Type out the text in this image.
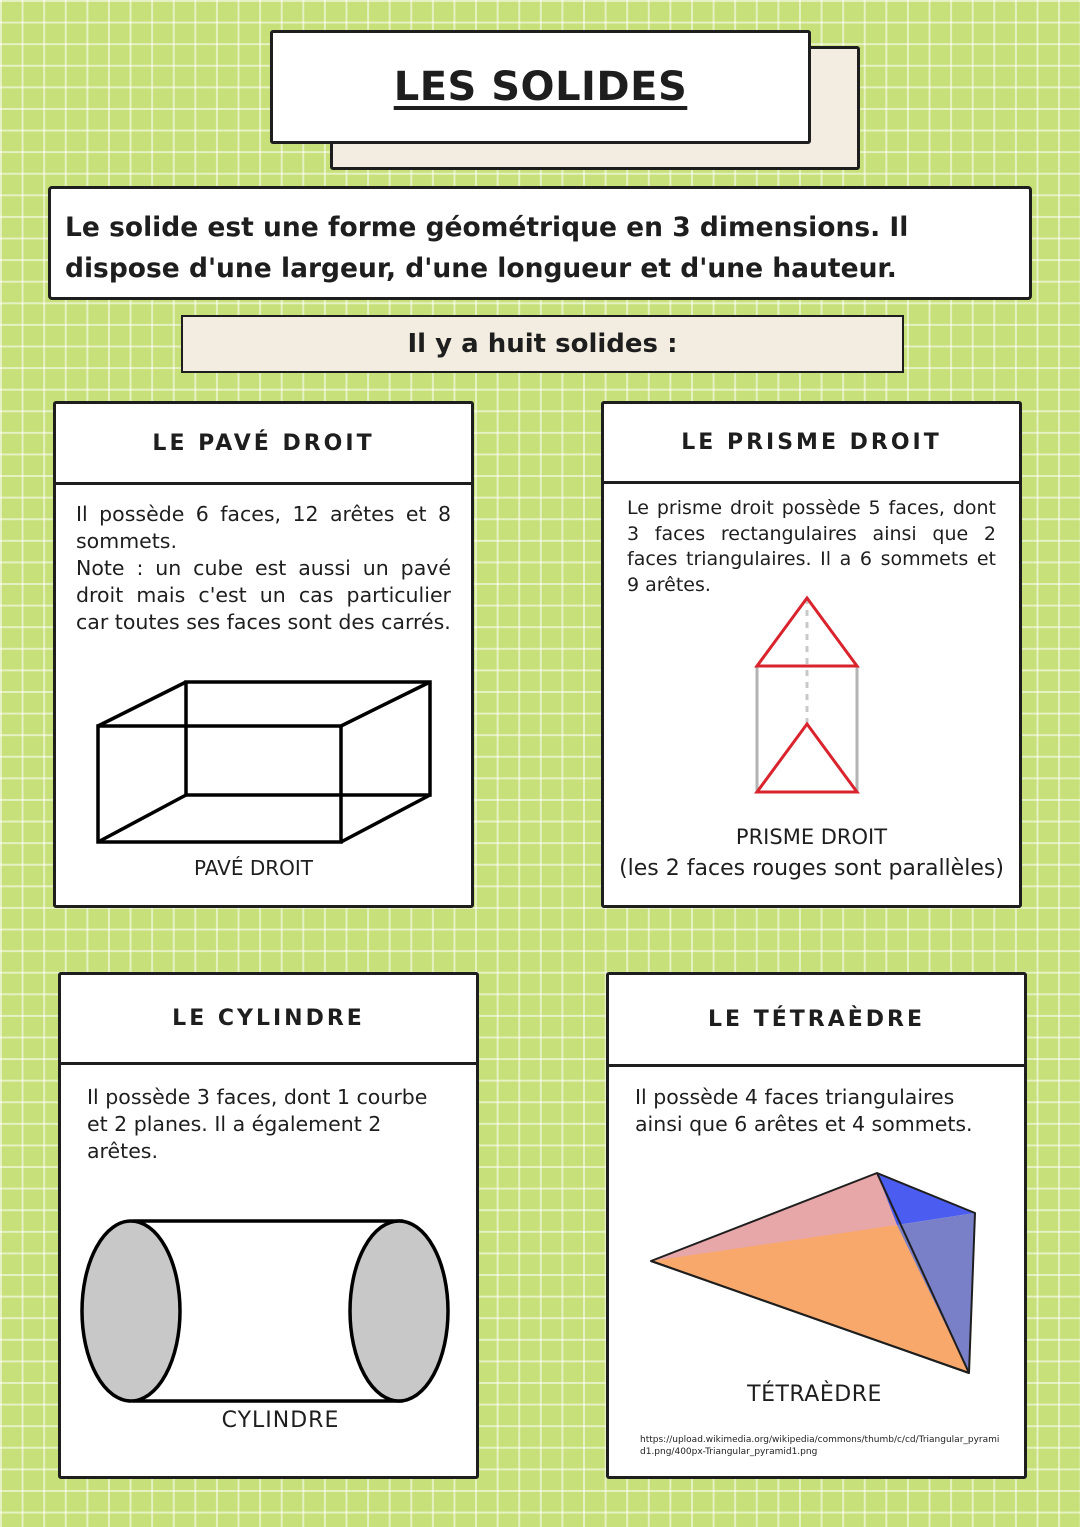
LES SOLIDES
Le solide est une forme géométrique en 3 dimensions. Il dispose d'une largeur, d'une longueur et d'une hauteur.
Il y a huit solides :
LE PAVÉ DROIT
Il possède 6 faces, 12 arêtes et 8 sommets.
Note : un cube est aussi un pavé droit mais c'est un cas particulier car toutes ses faces sont des carrés.
PAVÉ DROIT
LE PRISME DROIT
Le prisme droit possède 5 faces, dont 3 faces rectangulaires ainsi que 2 faces triangulaires. Il a 6 sommets et 9 arêtes.
PRISME DROIT
(les 2 faces rouges sont parallèles)
LE CYLINDRE
Il possède 3 faces, dont 1 courbe et 2 planes. Il a également 2 arêtes.
CYLINDRE
LE TÉTRAÈDRE
Il possède 4 faces triangulaires ainsi que 6 arêtes et 4 sommets.
TÉTRAÈDRE
https://upload.wikimedia.org/wikipedia/commons/thumb/c/cd/Triangular_pyramid1.png/400px-Triangular_pyramid1.png
